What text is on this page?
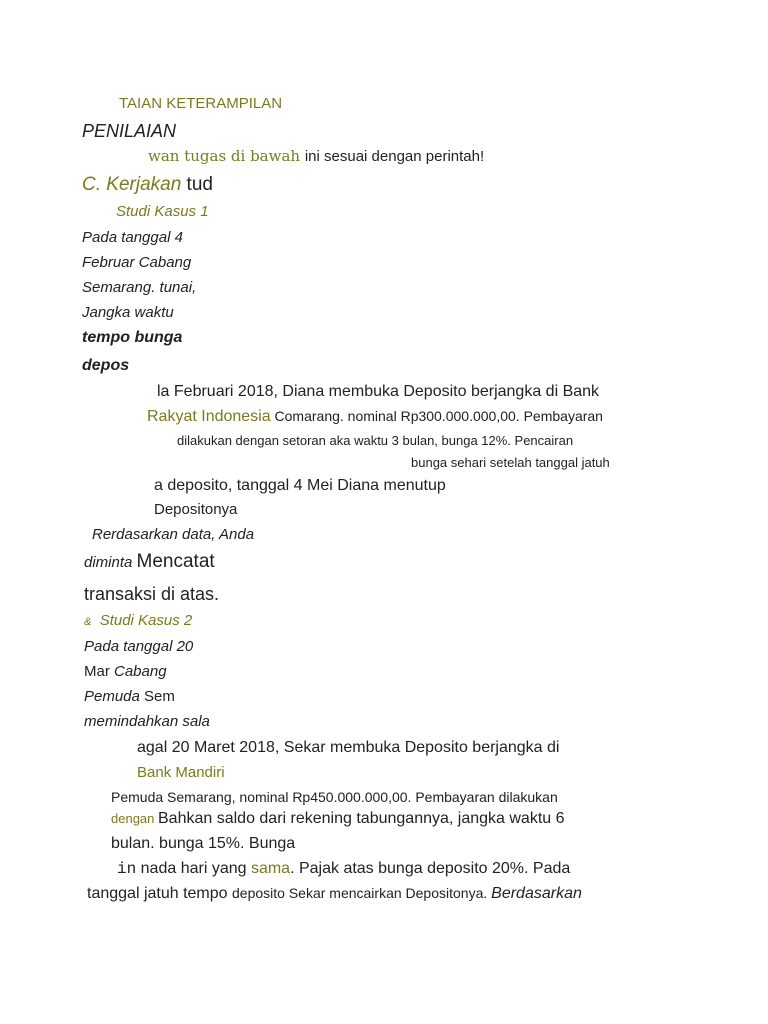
TAIAN KETERAMPILAN
PENILAIAN
wan tugas di bawah ini sesuai dengan perintah!
C. Kerjakan tud
Studi Kasus 1
Pada tanggal 4
Februar Cabang
Semarang. tunai,
Jangka waktu
tempo bunga
depos
la Februari 2018, Diana membuka Deposito berjangka di Bank
Rakyat Indonesia Comarang. nominal Rp300.000.000,00. Pembayaran
dilakukan dengan setoran aka waktu 3 bulan, bunga 12%. Pencairan
bunga sehari setelah tanggal jatuh
a deposito, tanggal 4 Mei Diana menutup
Depositonya
Rerdasarkan data, Anda
diminta Mencatat
transaksi di atas.
& Studi Kasus 2
Pada tanggal 20
Mar Cabang
Pemuda Sem
memindahkan sala
agal 20 Maret 2018, Sekar membuka Deposito berjangka di
Bank Mandiri
Pemuda Semarang, nominal Rp450.000.000,00. Pembayaran dilakukan
dengan Bahkan saldo dari rekening tabungannya, jangka waktu 6
bulan. bunga 15%. Bunga
in nada hari yang sama. Pajak atas bunga deposito 20%. Pada
tanggal jatuh tempo deposito Sekar mencairkan Depositonya. Berdasarkan
